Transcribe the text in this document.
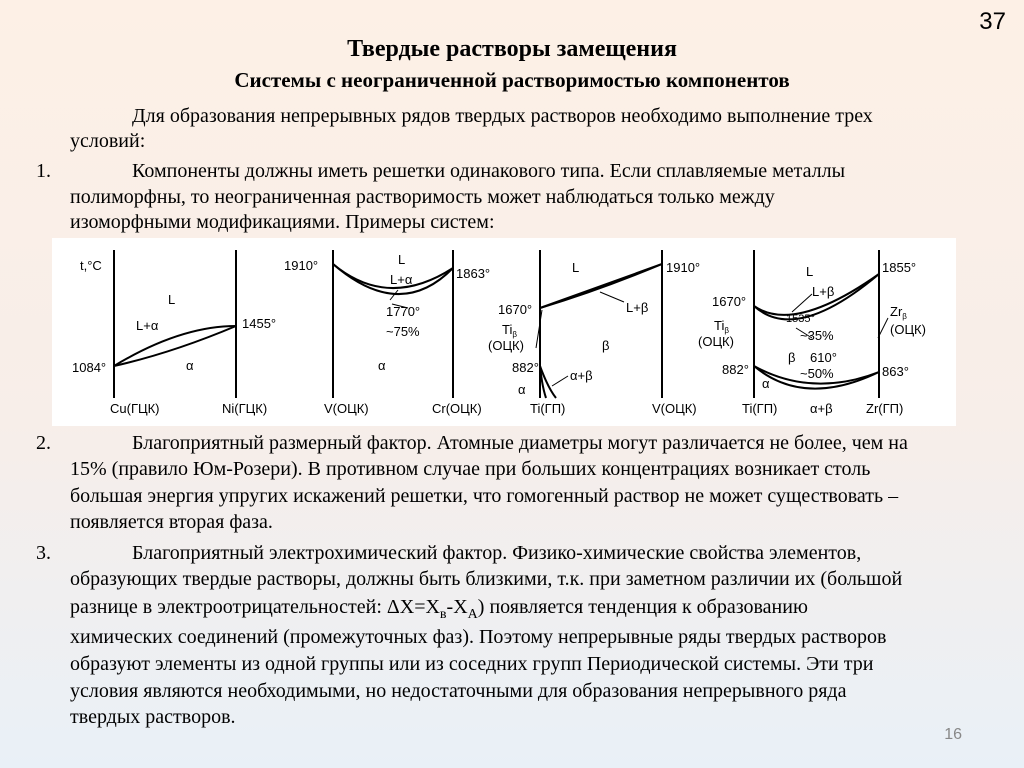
37
Твердые растворы замещения
Системы с неограниченной растворимостью компонентов
Для образования непрерывных рядов твердых растворов необходимо выполнение трех
условий:
1.	Компоненты должны иметь решетки одинакового типа. Если сплавляемые металлы
полиморфны, то неограниченная растворимость может наблюдаться только между
изоморфными модификациями. Примеры систем:
t,°C
L
L+α
α
1084°
1455°
Cu(ГЦК)	Ni(ГЦК)
1910°
1863°
L
L+α
1770°
~75%
α
V(ОЦК)	Cr(ОЦК)
L
L+β
1910°
1670°
$Ti_\beta$
(ОЦК)	β
882°
α+β
α
Ti(ГП)	V(ОЦК)
L
L+β
1855°
1670°
1535°	$Zr_\beta$
(ОЦК)
$Ti_\beta$
(ОЦК)	~35%
β 610°
~50%
882°	863°
α
Ti(ГП)	α+β	Zr(ГП)
2.	Благоприятный размерный фактор. Атомные диаметры могут различается не более, чем на
15% (правило Юм-Розери). В противном случае при больших концентрациях возникает столь
большая энергия упругих искажений решетки, что гомогенный раствор не может существовать –
появляется вторая фаза.
3.	Благоприятный электрохимический фактор. Физико-химические свойства элементов,
образующих твердые растворы, должны быть близкими, т.к. при заметном различии их (большой
разнице в электроотрицательностей: $\Delta X=X_в-X_A$) появляется тенденция к образованию
химических соединений (промежуточных фаз). Поэтому непрерывные ряды твердых растворов
образуют элементы из одной группы или из соседних групп Периодической системы. Эти три
условия являются необходимыми, но недостаточными для образования непрерывного ряда
твердых растворов.
16
